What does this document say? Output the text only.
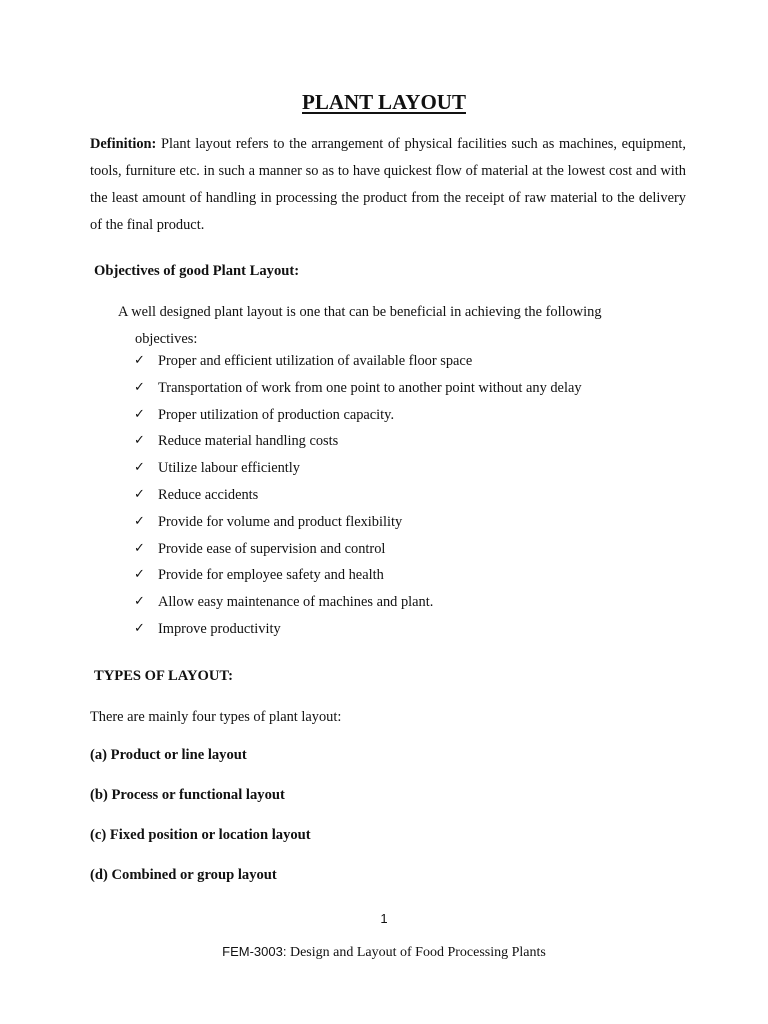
PLANT LAYOUT
Definition: Plant layout refers to the arrangement of physical facilities such as machines, equipment, tools, furniture etc. in such a manner so as to have quickest flow of material at the lowest cost and with the least amount of handling in processing the product from the receipt of raw material to the delivery of the final product.
Objectives of good Plant Layout:
A well designed plant layout is one that can be beneficial in achieving the following
objectives:
✓ Proper and efficient utilization of available floor space
✓ Transportation of work from one point to another point without any delay
✓ Proper utilization of production capacity.
✓ Reduce material handling costs
✓ Utilize labour efficiently
✓ Reduce accidents
✓ Provide for volume and product flexibility
✓ Provide ease of supervision and control
✓ Provide for employee safety and health
✓ Allow easy maintenance of machines and plant.
✓ Improve productivity
TYPES OF LAYOUT:
There are mainly four types of plant layout:
(a) Product or line layout
(b) Process or functional layout
(c) Fixed position or location layout
(d) Combined or group layout
1
FEM-3003: Design and Layout of Food Processing Plants
